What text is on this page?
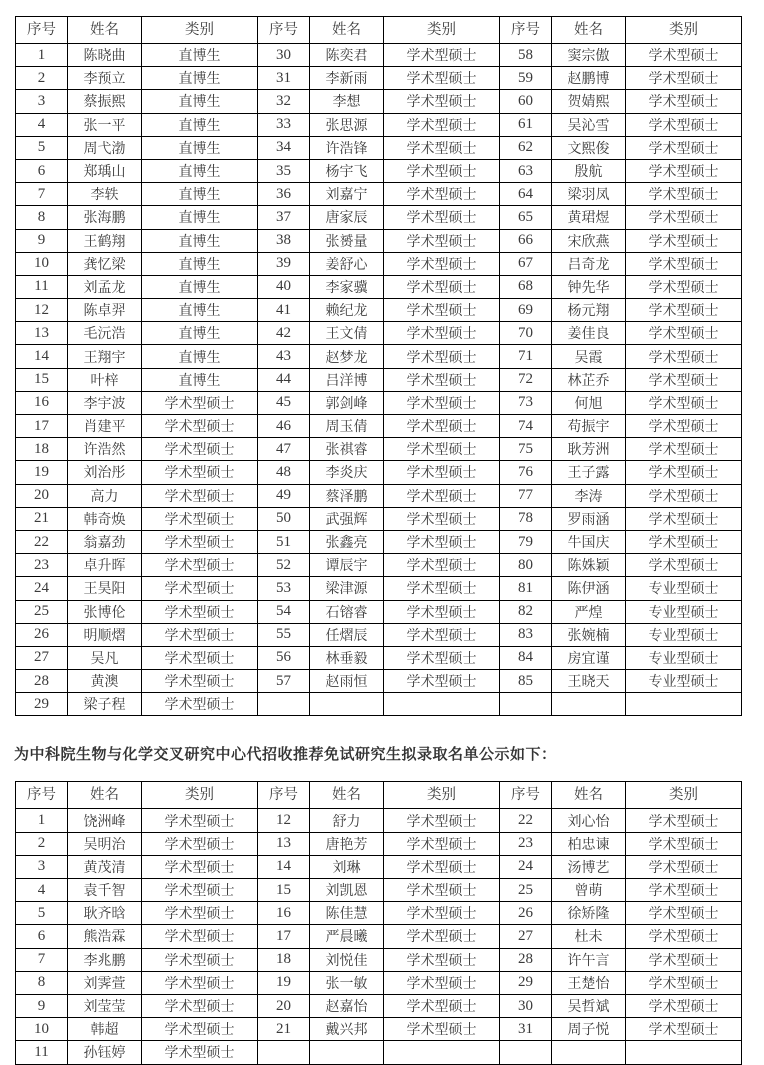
序号	姓名	类别	序号	姓名	类别	序号	姓名	类别
1	陈晓曲	直博生	30	陈奕君	学术型硕士	58	窦宗傲	学术型硕士
2	李预立	直博生	31	李新雨	学术型硕士	59	赵鹏博	学术型硕士
3	蔡振熙	直博生	32	李想	学术型硕士	60	贺婧熙	学术型硕士
4	张一平	直博生	33	张思源	学术型硕士	61	吴沁雪	学术型硕士
5	周弋渤	直博生	34	许浩锋	学术型硕士	62	文熙俊	学术型硕士
6	郑瑀山	直博生	35	杨宇飞	学术型硕士	63	殷航	学术型硕士
7	李轶	直博生	36	刘嘉宁	学术型硕士	64	梁羽凤	学术型硕士
8	张海鹏	直博生	37	唐家辰	学术型硕士	65	黄珺煜	学术型硕士
9	王鹤翔	直博生	38	张赟量	学术型硕士	66	宋欣燕	学术型硕士
10	龚忆梁	直博生	39	姜舒心	学术型硕士	67	吕奇龙	学术型硕士
11	刘孟龙	直博生	40	李家骥	学术型硕士	68	钟先华	学术型硕士
12	陈卓羿	直博生	41	赖纪龙	学术型硕士	69	杨元翔	学术型硕士
13	毛沅浩	直博生	42	王文倩	学术型硕士	70	姜佳良	学术型硕士
14	王翔宇	直博生	43	赵梦龙	学术型硕士	71	吴霞	学术型硕士
15	叶梓	直博生	44	吕洋博	学术型硕士	72	林芷乔	学术型硕士
16	李宇波	学术型硕士	45	郭剑峰	学术型硕士	73	何旭	学术型硕士
17	肖建平	学术型硕士	46	周玉倩	学术型硕士	74	苟振宇	学术型硕士
18	许浩然	学术型硕士	47	张祺睿	学术型硕士	75	耿芳洲	学术型硕士
19	刘治彤	学术型硕士	48	李炎庆	学术型硕士	76	王子露	学术型硕士
20	高力	学术型硕士	49	蔡泽鹏	学术型硕士	77	李涛	学术型硕士
21	韩奇焕	学术型硕士	50	武强辉	学术型硕士	78	罗雨涵	学术型硕士
22	翁嘉劲	学术型硕士	51	张鑫亮	学术型硕士	79	牛国庆	学术型硕士
23	卓升晖	学术型硕士	52	谭辰宇	学术型硕士	80	陈姝颖	学术型硕士
24	王昊阳	学术型硕士	53	梁津源	学术型硕士	81	陈伊涵	专业型硕士
25	张博伦	学术型硕士	54	石镕睿	学术型硕士	82	严煌	专业型硕士
26	明顺熠	学术型硕士	55	任熠辰	学术型硕士	83	张婉楠	专业型硕士
27	吴凡	学术型硕士	56	林垂毅	学术型硕士	84	房宜谨	专业型硕士
28	黄澳	学术型硕士	57	赵雨恒	学术型硕士	85	王晓天	专业型硕士
29	梁子程	学术型硕士						
为中科院生物与化学交叉研究中心代招收推荐免试研究生拟录取名单公示如下：
序号	姓名	类别	序号	姓名	类别	序号	姓名	类别
1	饶洲峰	学术型硕士	12	舒力	学术型硕士	22	刘心怡	学术型硕士
2	吴明治	学术型硕士	13	唐艳芳	学术型硕士	23	柏忠谏	学术型硕士
3	黄茂清	学术型硕士	14	刘琳	学术型硕士	24	汤博艺	学术型硕士
4	袁千智	学术型硕士	15	刘凯恩	学术型硕士	25	曾萌	学术型硕士
5	耿齐晗	学术型硕士	16	陈佳慧	学术型硕士	26	徐矫隆	学术型硕士
6	熊浩霖	学术型硕士	17	严晨曦	学术型硕士	27	杜未	学术型硕士
7	李兆鹏	学术型硕士	18	刘悦佳	学术型硕士	28	许午言	学术型硕士
8	刘霁萱	学术型硕士	19	张一敏	学术型硕士	29	王楚怡	学术型硕士
9	刘莹莹	学术型硕士	20	赵嘉怡	学术型硕士	30	吴哲斌	学术型硕士
10	韩超	学术型硕士	21	戴兴邦	学术型硕士	31	周子悦	学术型硕士
11	孙钰婷	学术型硕士						
